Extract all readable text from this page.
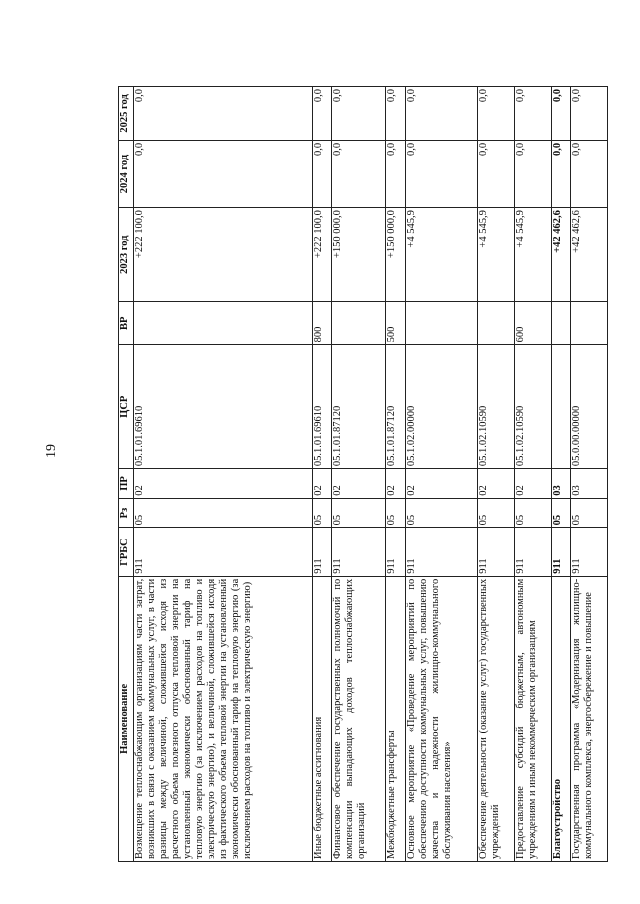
19
Наименование	ГРБС	Рз	ПР	ЦСР	ВР	2023 год	2024 год	2025 год
Возмещение теплоснабжающим организациям части затрат, возникших в связи с оказанием коммунальных услуг, в части разницы между величиной, сложившейся исходя из расчетного объема полезного отпуска тепловой энергии на установленный экономически обоснованный тариф на тепловую энергию (за исключением расходов на топливо и электрическую энергию), и величиной, сложившейся исходя из фактического объема тепловой энергии на установленный экономически обоснованный тариф на тепловую энергию (за исключением расходов на топливо и электрическую энергию)	911	05	02	05.1.01.69610		+222 100,0	0,0	0,0
Иные бюджетные ассигнования	911	05	02	05.1.01.69610	800	+222 100,0	0,0	0,0
Финансовое обеспечение государственных полномочий по компенсации выпадающих доходов теплоснабжающих организаций	911	05	02	05.1.01.87120		+150 000,0	0,0	0,0
Межбюджетные трансферты	911	05	02	05.1.01.87120	500	+150 000,0	0,0	0,0
Основное мероприятие «Проведение мероприятий по обеспечению доступности коммунальных услуг, повышению качества и надежности жилищно-коммунального обслуживания населения»	911	05	02	05.1.02.00000		+4 545,9	0,0	0,0
Обеспечение деятельности (оказание услуг) государственных учреждений	911	05	02	05.1.02.10590		+4 545,9	0,0	0,0
Предоставление субсидий бюджетным, автономным учреждениям и иным некоммерческим организациям	911	05	02	05.1.02.10590	600	+4 545,9	0,0	0,0
Благоустройство	911	05	03			+42 462,6	0,0	0,0
Государственная программа «Модернизация жилищно-коммунального комплекса, энергосбережение и повышение	911	05	03	05.0.00.00000		+42 462,6	0,0	0,0
